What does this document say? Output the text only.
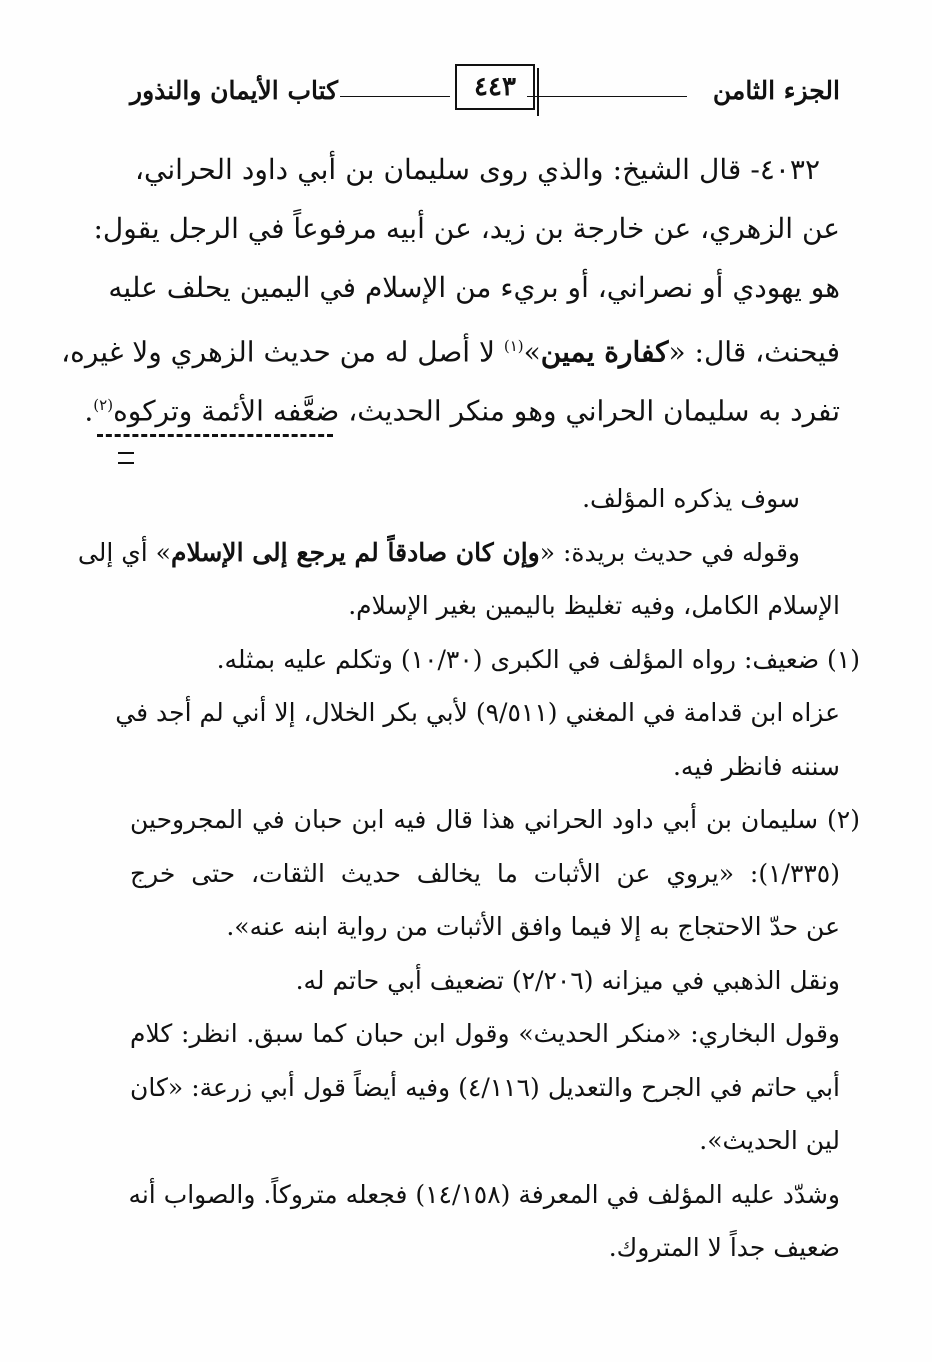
الجزء الثامن
٤٤٣
كتاب الأيمان والنذور
٤٠٣٢- قال الشيخ: والذي روى سليمان بن أبي داود الحراني،
عن الزهري، عن خارجة بن زيد، عن أبيه مرفوعاً في الرجل يقول:
هو يهودي أو نصراني، أو بريء من الإسلام في اليمين يحلف عليه
فيحنث، قال: «كفارة يمين»$^{(١)}$ لا أصل له من حديث الزهري ولا غيره،
تفرد به سليمان الحراني وهو منكر الحديث، ضعَّفه الأئمة وتركوه$^{(٢)}$.
سوف يذكره المؤلف.
وقوله في حديث بريدة: «وإن كان صادقاً لم يرجع إلى الإسلام» أي إلى
الإسلام الكامل، وفيه تغليظ باليمين بغير الإسلام.
(١) ضعيف: رواه المؤلف في الكبرى (١٠/٣٠) وتكلم عليه بمثله.
عزاه ابن قدامة في المغني (٩/٥١١) لأبي بكر الخلال، إلا أني لم أجد في
سننه فانظر فيه.
(٢) سليمان بن أبي داود الحراني هذا قال فيه ابن حبان في المجروحين
(١/٣٣٥): «يروي عن الأثبات ما يخالف حديث الثقات، حتى خرج
عن حدّ الاحتجاج به إلا فيما وافق الأثبات من رواية ابنه عنه».
ونقل الذهبي في ميزانه (٢/٢٠٦) تضعيف أبي حاتم له.
وقول البخاري: «منكر الحديث» وقول ابن حبان كما سبق. انظر: كلام
أبي حاتم في الجرح والتعديل (٤/١١٦) وفيه أيضاً قول أبي زرعة: «كان
لين الحديث».
وشدّد عليه المؤلف في المعرفة (١٤/١٥٨) فجعله متروكاً. والصواب أنه
ضعيف جداً لا المتروك.
